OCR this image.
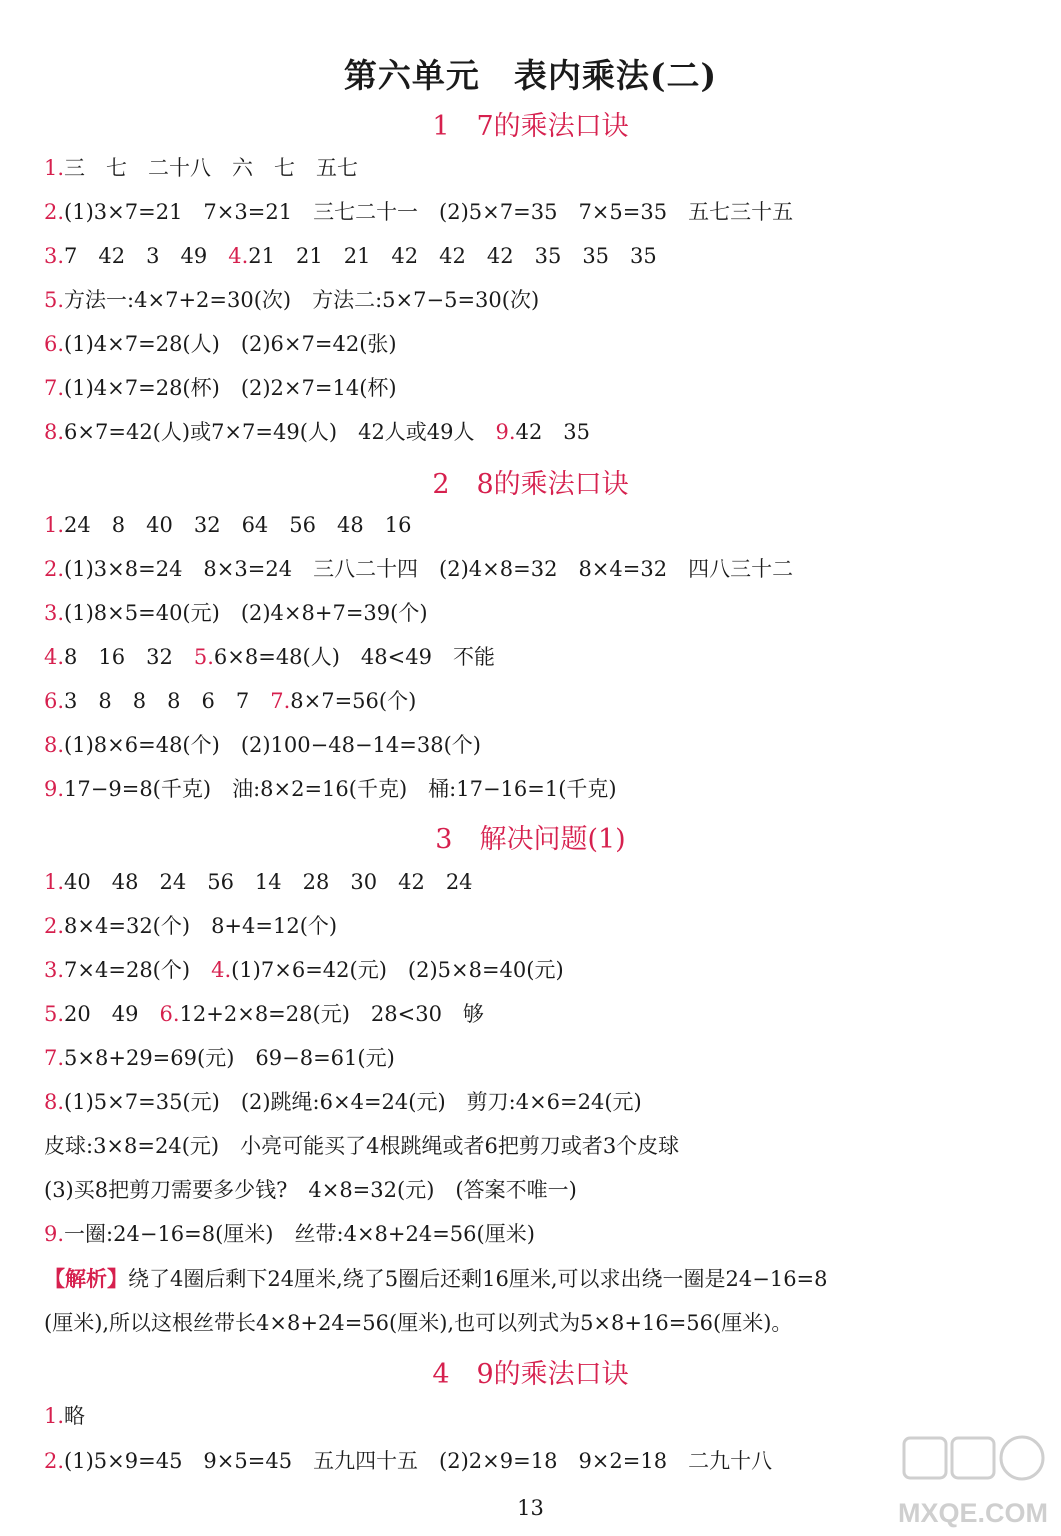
第六单元　表内乘法(二)
1　7的乘法口诀
1.三　七　二十八　六　七　五七
2.(1)3×7=21　7×3=21　三七二十一　(2)5×7=35　7×5=35　五七三十五
3.7　42　3　49　4.21　21　21　42　42　42　35　35　35
5.方法一:4×7+2=30(次)　方法二:5×7−5=30(次)
6.(1)4×7=28(人)　(2)6×7=42(张)
7.(1)4×7=28(杯)　(2)2×7=14(杯)
8.6×7=42(人)或7×7=49(人)　42人或49人　9.42　35
2　8的乘法口诀
1.24　8　40　32　64　56　48　16
2.(1)3×8=24　8×3=24　三八二十四　(2)4×8=32　8×4=32　四八三十二
3.(1)8×5=40(元)　(2)4×8+7=39(个)
4.8　16　32　5.6×8=48(人)　48<49　不能
6.3　8　8　8　6　7　7.8×7=56(个)
8.(1)8×6=48(个)　(2)100−48−14=38(个)
9.17−9=8(千克)　油:8×2=16(千克)　桶:17−16=1(千克)
3　解决问题(1)
1.40　48　24　56　14　28　30　42　24
2.8×4=32(个)　8+4=12(个)
3.7×4=28(个)　4.(1)7×6=42(元)　(2)5×8=40(元)
5.20　49　6.12+2×8=28(元)　28<30　够
7.5×8+29=69(元)　69−8=61(元)
8.(1)5×7=35(元)　(2)跳绳:6×4=24(元)　剪刀:4×6=24(元)
皮球:3×8=24(元)　小亮可能买了4根跳绳或者6把剪刀或者3个皮球
(3)买8把剪刀需要多少钱?　4×8=32(元)　(答案不唯一)
9.一圈:24−16=8(厘米)　丝带:4×8+24=56(厘米)
【解析】绕了4圈后剩下24厘米,绕了5圈后还剩16厘米,可以求出绕一圈是24−16=8
(厘米),所以这根丝带长4×8+24=56(厘米),也可以列式为5×8+16=56(厘米)。
4　9的乘法口诀
1.略
2.(1)5×9=45　9×5=45　五九四十五　(2)2×9=18　9×2=18　二九十八
13	MXQE.COM
